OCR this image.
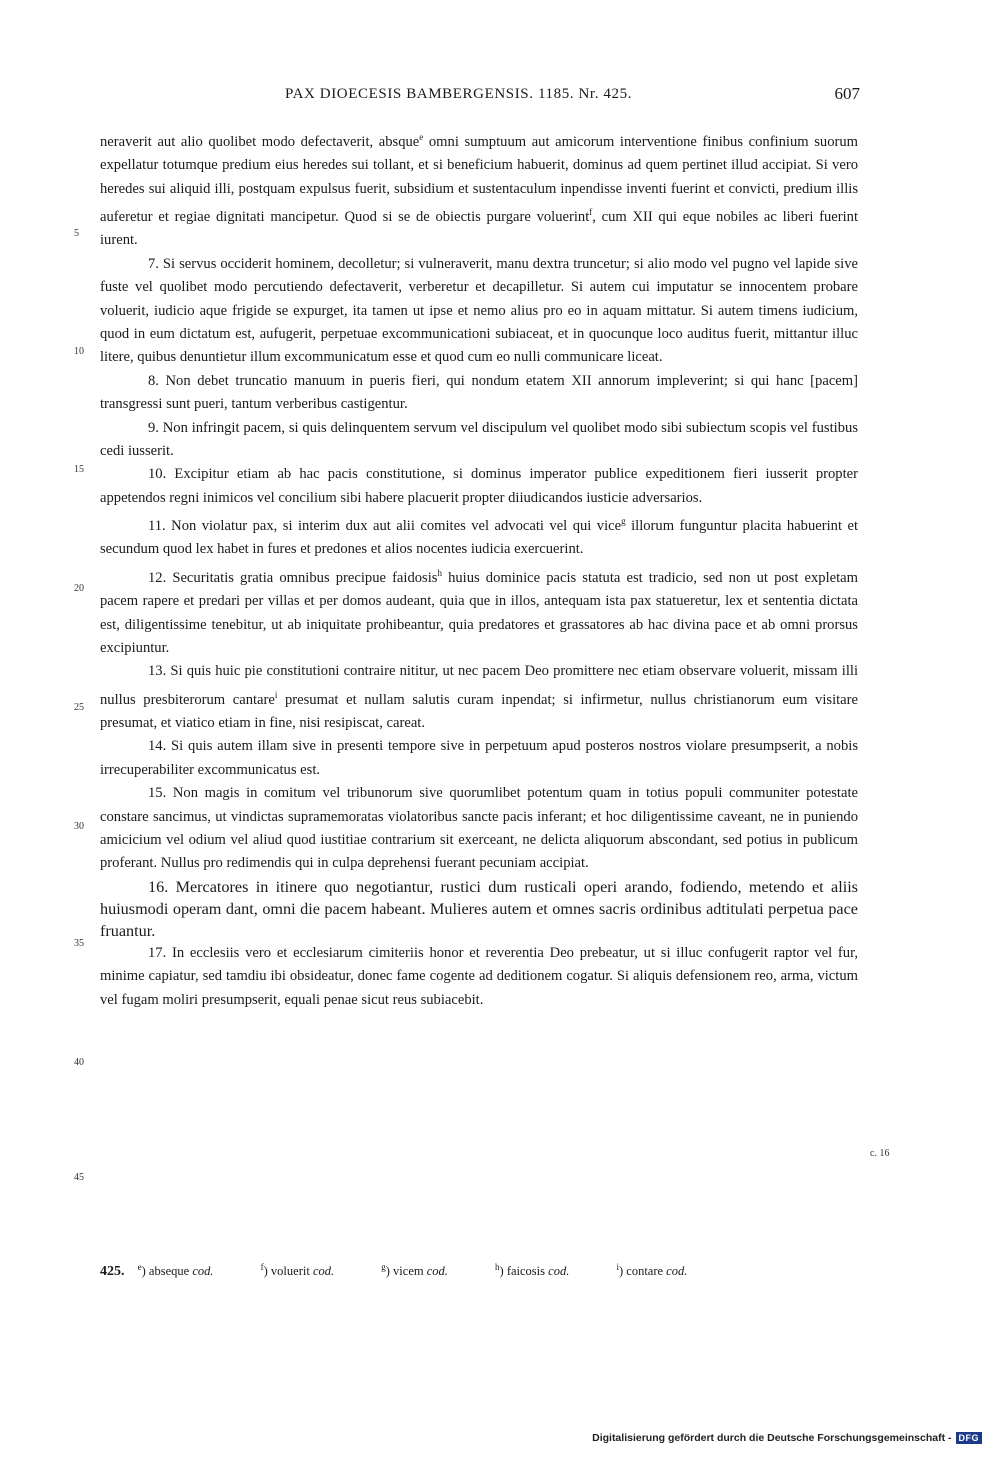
PAX DIOECESIS BAMBERGENSIS. 1185. Nr. 425.	607

neraverit aut alio quolibet modo defectaverit, absque$^e$ omni sumptuum aut amicorum interventione finibus confinium suorum expellatur totumque predium eius heredes sui tollant, et si beneficium habuerit, dominus ad quem pertinet illud accipiat. Si vero heredes sui aliquid illi, postquam expulsus fuerit, subsidium et sustentaculum inpendisse inventi fuerint et convicti, predium illis auferetur et regiae dignitati mancipetur. Quod si se de obiectis purgare voluerint$^f$, cum XII qui eque nobiles ac liberi fuerint iurent.

7. Si servus occiderit hominem, decolletur; si vulneraverit, manu dextra truncetur; si alio modo vel pugno vel lapide sive fuste vel quolibet modo percutiendo defectaverit, verberetur et decapilletur. Si autem cui imputatur se innocentem probare voluerit, iudicio aque frigide se expurget, ita tamen ut ipse et nemo alius pro eo in aquam mittatur. Si autem timens iudicium, quod in eum dictatum est, aufugerit, perpetuae excommunicationi subiaceat, et in quocunque loco auditus fuerit, mittantur illuc litere, quibus denuntietur illum excommunicatum esse et quod cum eo nulli communicare liceat.

8. Non debet truncatio manuum in pueris fieri, qui nondum etatem XII annorum impleverint; si qui hanc [pacem] transgressi sunt pueri, tantum verberibus castigentur.

9. Non infringit pacem, si quis delinquentem servum vel discipulum vel quolibet modo sibi subiectum scopis vel fustibus cedi iusserit.

10. Excipitur etiam ab hac pacis constitutione, si dominus imperator publice expeditionem fieri iusserit propter appetendos regni inimicos vel concilium sibi habere placuerit propter diiudicandos iusticie adversarios.

11. Non violatur pax, si interim dux aut alii comites vel advocati vel qui vice$^g$ illorum funguntur placita habuerint et secundum quod lex habet in fures et predones et alios nocentes iudicia exercuerint.

12. Securitatis gratia omnibus precipue faidosis$^h$ huius dominice pacis statuta est tradicio, sed non ut post expletam pacem rapere et predari per villas et per domos audeant, quia que in illos, antequam ista pax statueretur, lex et sententia dictata est, diligentissime tenebitur, ut ab iniquitate prohibeantur, quia predatores et grassatores ab hac divina pace et ab omni prorsus excipiuntur.

13. Si quis huic pie constitutioni contraire nititur, ut nec pacem Deo promittere nec etiam observare voluerit, missam illi nullus presbiterorum cantare$^i$ presumat et nullam salutis curam inpendat; si infirmetur, nullus christianorum eum visitare presumat, et viatico etiam in fine, nisi resipiscat, careat.

14. Si quis autem illam sive in presenti tempore sive in perpetuum apud posteros nostros violare presumpserit, a nobis irrecuperabiliter excommunicatus est.

15. Non magis in comitum vel tribunorum sive quorumlibet potentum quam in totius populi communiter potestate constare sancimus, ut vindictas supramemoratas violatoribus sancte pacis inferant; et hoc diligentissime caveant, ne in puniendo amicicium vel odium vel aliud quod iustitiae contrarium sit exerceant, ne delicta aliquorum abscondant, sed potius in publicum proferant. Nullus pro redimendis qui in culpa deprehensi fuerant pecuniam accipiat.

16. Mercatores in itinere quo negotiantur, rustici dum rusticali operi arando, fodiendo, metendo et aliis huiusmodi operam dant, omni die pacem habeant. Mulieres autem et omnes sacris ordinibus adtitulati perpetua pace fruantur.

17. In ecclesiis vero et ecclesiarum cimiteriis honor et reverentia Deo prebeatur, ut si illuc confugerit raptor vel fur, minime capiatur, sed tamdiu ibi obsideatur, donec fame cogente ad deditionem cogatur. Si aliquis defensionem reo, arma, victum vel fugam moliri presumpserit, equali penae sicut reus subiacebit.

5
10
15
20
25
30
35
40
45
c. 16
425. $^e$) abseque cod.	$^f$) voluerit cod.	$^g$) vicem cod.	$^h$) faicosis cod.	$^i$) contare cod.
Digitalisierung gefördert durch die Deutsche Forschungsgemeinschaft - DFG
